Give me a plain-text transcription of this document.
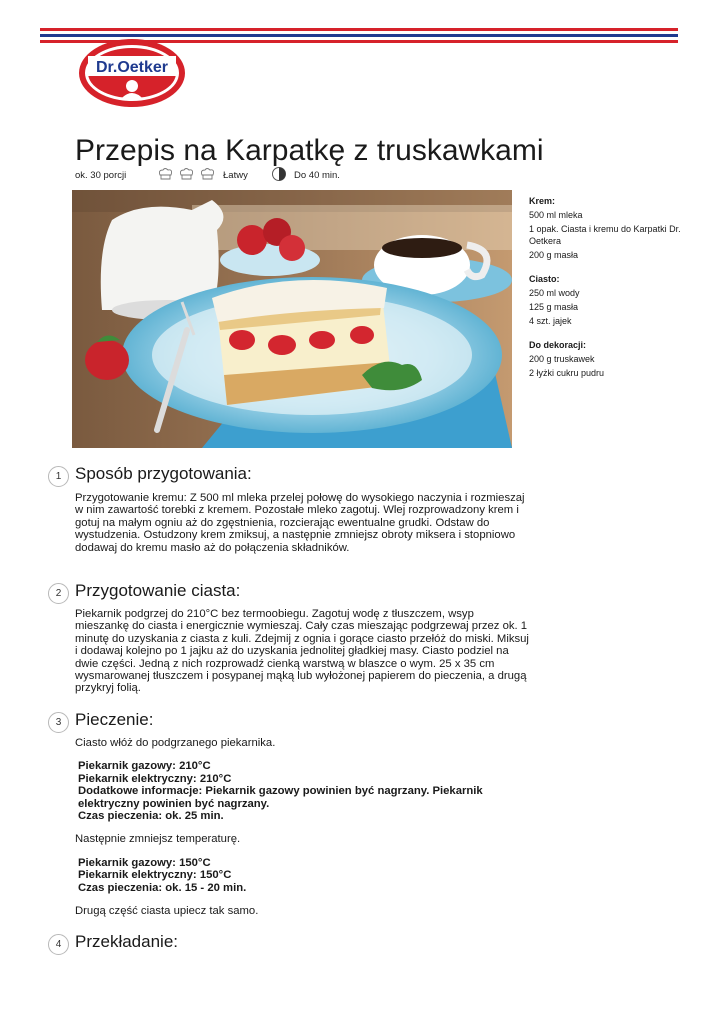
Dr.Oetker
Przepis na Karpatkę z truskawkami
ok. 30 porcji	Łatwy	Do 40 min.
Krem:
500 ml mleka
1 opak. Ciasta i kremu do Karpatki Dr. Oetkera
200 g masła
Ciasto:
250 ml wody
125 g masła
4 szt. jajek
Do dekoracji:
200 g truskawek
2 łyżki cukru pudru
1 Sposób przygotowania:

Przygotowanie kremu: Z 500 ml mleka przelej połowę do wysokiego naczynia i rozmieszaj w nim zawartość torebki z kremem. Pozostałe mleko zagotuj. Wlej rozprowadzony krem i gotuj na małym ogniu aż do zgęstnienia, rozcierając ewentualne grudki. Odstaw do wystudzenia. Ostudzony krem zmiksuj, a następnie zmniejsz obroty miksera i stopniowo dodawaj do kremu masło aż do połączenia składników.

2 Przygotowanie ciasta:

Piekarnik podgrzej do 210°C bez termoobiegu. Zagotuj wodę z tłuszczem, wsyp mieszankę do ciasta i energicznie wymieszaj. Cały czas mieszając podgrzewaj przez ok. 1 minutę do uzyskania z ciasta z kuli. Zdejmij z ognia i gorące ciasto przełóż do miski. Miksuj i dodawaj kolejno po 1 jajku aż do uzyskania jednolitej gładkiej masy. Ciasto podziel na dwie części. Jedną z nich rozprowadź cienką warstwą w blaszce o wym. 25 x 35 cm wysmarowanej tłuszczem i posypanej mąką lub wyłożonej papierem do pieczenia, a drugą przykryj folią.

3 Pieczenie:

Ciasto włóż do podgrzanego piekarnika.

Piekarnik gazowy: 210°C
Piekarnik elektryczny: 210°C
Dodatkowe informacje: Piekarnik gazowy powinien być nagrzany. Piekarnik elektryczny powinien być nagrzany.
Czas pieczenia: ok. 25 min.

Następnie zmniejsz temperaturę.

Piekarnik gazowy: 150°C
Piekarnik elektryczny: 150°C
Czas pieczenia: ok. 15 - 20 min.

Drugą część ciasta upiecz tak samo.

4 Przekładanie:
